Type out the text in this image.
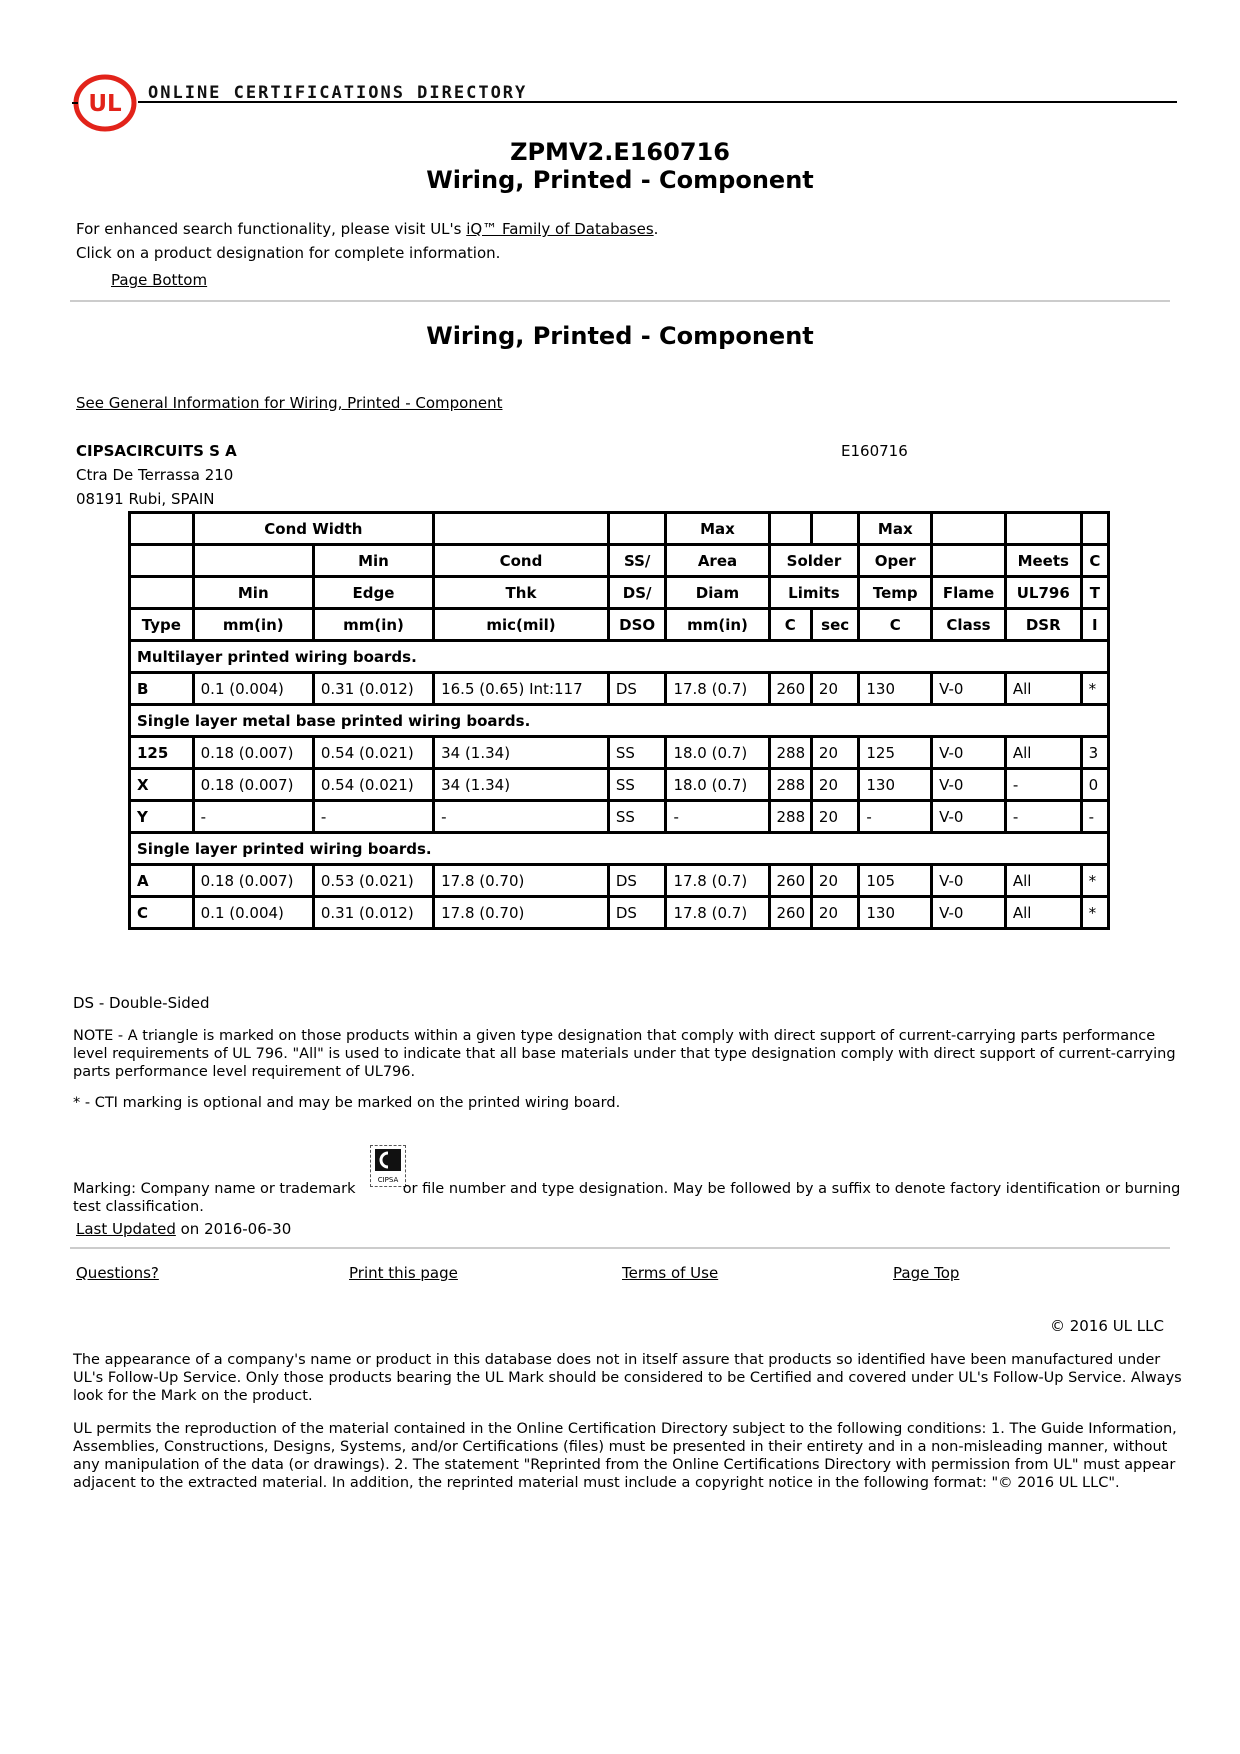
UL ONLINE CERTIFICATIONS DIRECTORY
ZPMV2.E160716
Wiring, Printed - Component
For enhanced search functionality, please visit UL's iQ™ Family of Databases.
Click on a product designation for complete information.
Page Bottom
Wiring, Printed - Component
See General Information for Wiring, Printed - Component
CIPSACIRCUITS S A	E160716
Ctra De Terrassa 210
08191 Rubi, SPAIN
	Cond Width				Max			Max			
		Min	Cond	SS/	Area	Solder		Oper		Meets	C
	Min	Edge	Thk	DS/	Diam	Limits		Temp	Flame	UL796	T
Type	mm(in)	mm(in)	mic(mil)	DSO	mm(in)	C	sec	C	Class	DSR	I
Multilayer printed wiring boards.											
B	0.1 (0.004)	0.31 (0.012)	16.5 (0.65) Int:117	DS	17.8 (0.7)	260	20	130	V-0	All	*
Single layer metal base printed wiring boards.											
125	0.18 (0.007)	0.54 (0.021)	34 (1.34)	SS	18.0 (0.7)	288	20	125	V-0	All	3
X	0.18 (0.007)	0.54 (0.021)	34 (1.34)	SS	18.0 (0.7)	288	20	130	V-0	-	0
Y	-	-	-	SS	-	288	20	-	V-0	-	-
Single layer printed wiring boards.											
A	0.18 (0.007)	0.53 (0.021)	17.8 (0.70)	DS	17.8 (0.7)	260	20	105	V-0	All	*
C	0.1 (0.004)	0.31 (0.012)	17.8 (0.70)	DS	17.8 (0.7)	260	20	130	V-0	All	*
DS - Double-Sided
NOTE - A triangle is marked on those products within a given type designation that comply with direct support of current-carrying parts performance level requirements of UL 796. "All" is used to indicate that all base materials under that type designation comply with direct support of current-carrying parts performance level requirement of UL796.
* - CTI marking is optional and may be marked on the printed wiring board.
CIPSA
Marking: Company name or trademark	or file number and type designation. May be followed by a suffix to denote factory identification or burning test classification.
Last Updated on 2016-06-30
Questions?	Print this page	Terms of Use	Page Top
© 2016 UL LLC
The appearance of a company's name or product in this database does not in itself assure that products so identified have been manufactured under UL's Follow-Up Service. Only those products bearing the UL Mark should be considered to be Certified and covered under UL's Follow-Up Service. Always look for the Mark on the product.
UL permits the reproduction of the material contained in the Online Certification Directory subject to the following conditions: 1. The Guide Information, Assemblies, Constructions, Designs, Systems, and/or Certifications (files) must be presented in their entirety and in a non-misleading manner, without any manipulation of the data (or drawings). 2. The statement "Reprinted from the Online Certifications Directory with permission from UL" must appear adjacent to the extracted material. In addition, the reprinted material must include a copyright notice in the following format: "© 2016 UL LLC".
